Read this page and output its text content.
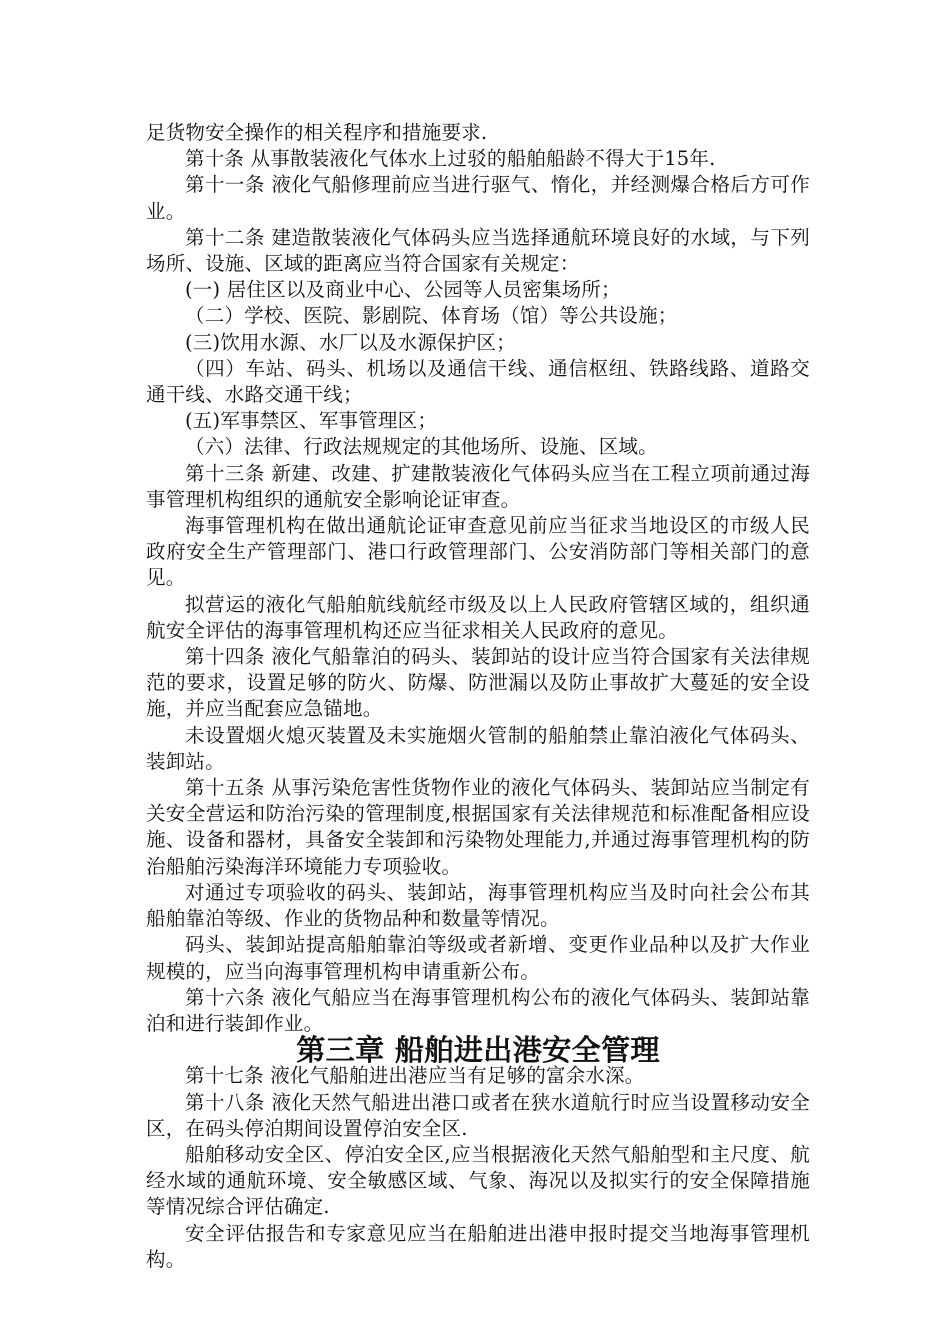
足货物安全操作的相关程序和措施要求.

第十条 从事散装液化气体水上过驳的船舶船龄不得大于15年.

第十一条 液化气船修理前应当进行驱气、惰化，并经测爆合格后方可作业。

第十二条 建造散装液化气体码头应当选择通航环境良好的水域，与下列场所、设施、区域的距离应当符合国家有关规定：

(一) 居住区以及商业中心、公园等人员密集场所；

（二）学校、医院、影剧院、体育场（馆）等公共设施；

(三)饮用水源、水厂以及水源保护区；

（四）车站、码头、机场以及通信干线、通信枢纽、铁路线路、道路交通干线、水路交通干线；

(五)军事禁区、军事管理区；

（六）法律、行政法规规定的其他场所、设施、区域。

第十三条 新建、改建、扩建散装液化气体码头应当在工程立项前通过海事管理机构组织的通航安全影响论证审查。

海事管理机构在做出通航论证审查意见前应当征求当地设区的市级人民政府安全生产管理部门、港口行政管理部门、公安消防部门等相关部门的意见。

拟营运的液化气船舶航线航经市级及以上人民政府管辖区域的，组织通航安全评估的海事管理机构还应当征求相关人民政府的意见。

第十四条 液化气船靠泊的码头、装卸站的设计应当符合国家有关法律规范的要求，设置足够的防火、防爆、防泄漏以及防止事故扩大蔓延的安全设施，并应当配套应急锚地。

未设置烟火熄灭装置及未实施烟火管制的船舶禁止靠泊液化气体码头、装卸站。

第十五条 从事污染危害性货物作业的液化气体码头、装卸站应当制定有关安全营运和防治污染的管理制度,根据国家有关法律规范和标准配备相应设施、设备和器材，具备安全装卸和污染物处理能力,并通过海事管理机构的防治船舶污染海洋环境能力专项验收。

对通过专项验收的码头、装卸站，海事管理机构应当及时向社会公布其船舶靠泊等级、作业的货物品种和数量等情况。

码头、装卸站提高船舶靠泊等级或者新增、变更作业品种以及扩大作业规模的，应当向海事管理机构申请重新公布。

第十六条 液化气船应当在海事管理机构公布的液化气体码头、装卸站靠泊和进行装卸作业。

第三章 船舶进出港安全管理

第十七条 液化气船舶进出港应当有足够的富余水深。

第十八条 液化天然气船进出港口或者在狭水道航行时应当设置移动安全区，在码头停泊期间设置停泊安全区.

船舶移动安全区、停泊安全区,应当根据液化天然气船舶型和主尺度、航经水域的通航环境、安全敏感区域、气象、海况以及拟实行的安全保障措施等情况综合评估确定.

安全评估报告和专家意见应当在船舶进出港申报时提交当地海事管理机构。
